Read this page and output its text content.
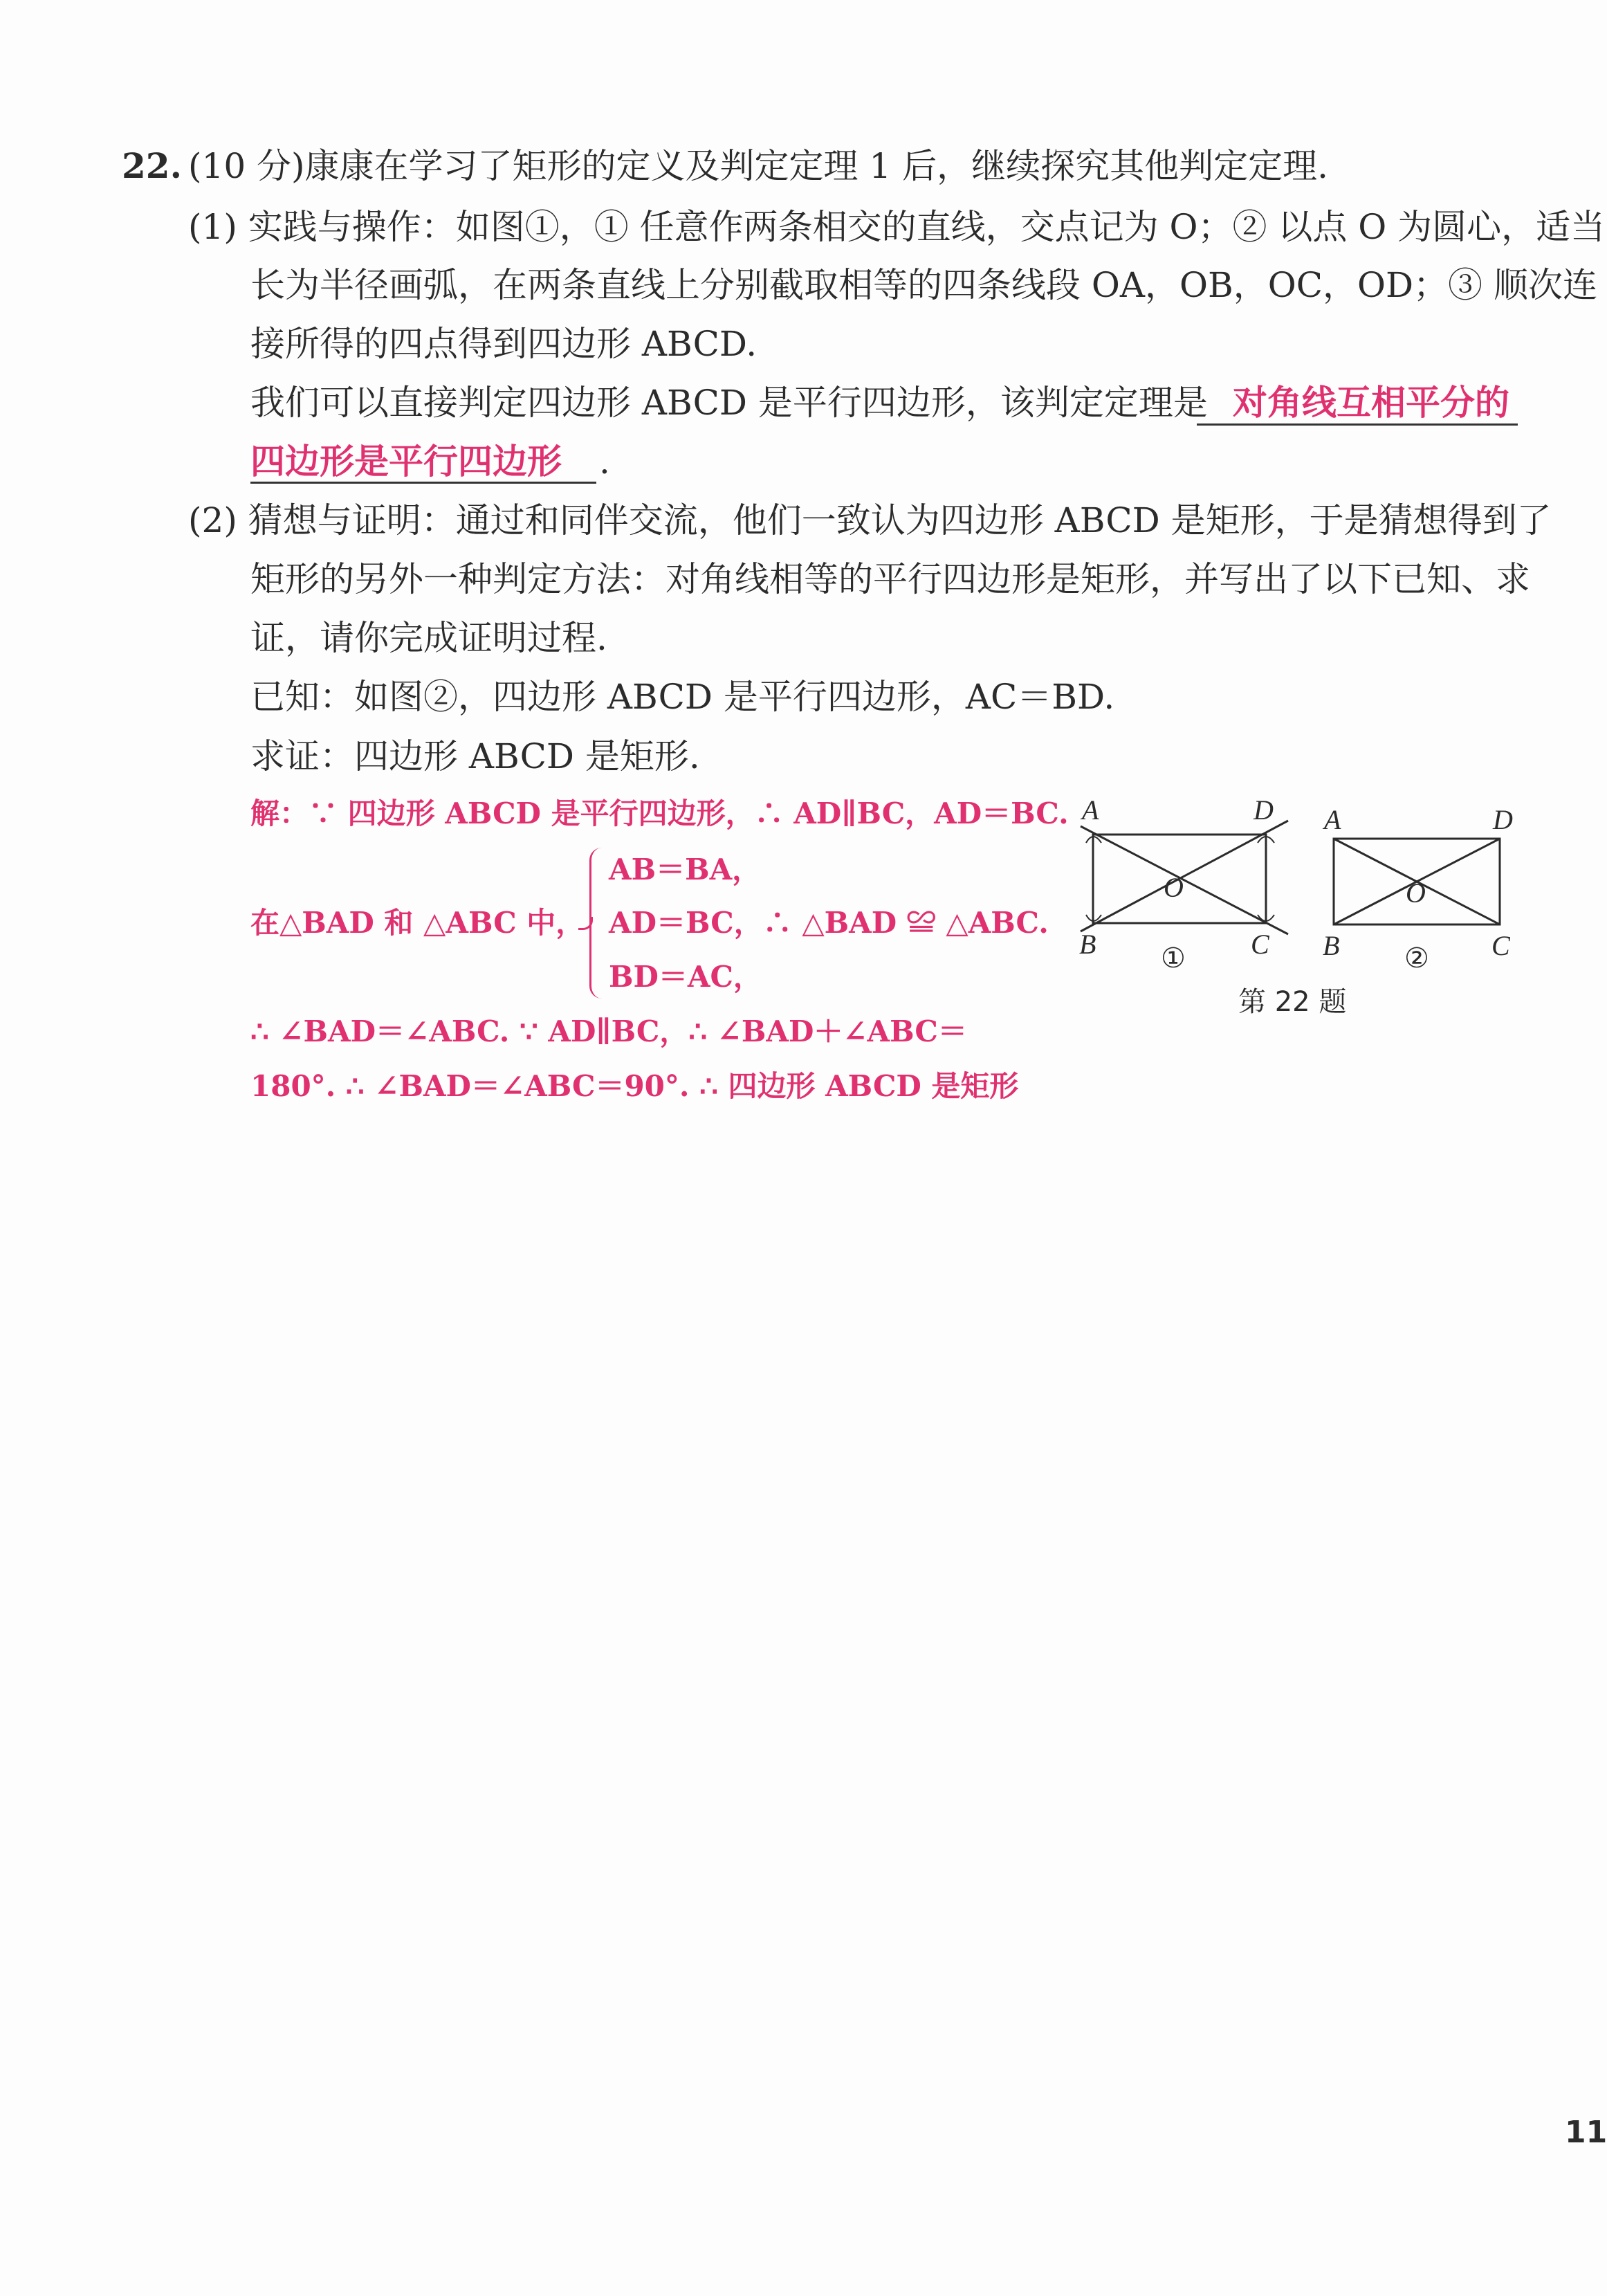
22. (10 分)康康在学习了矩形的定义及判定定理 1 后，继续探究其他判定定理.
(1) 实践与操作：如图①，① 任意作两条相交的直线，交点记为 O；② 以点 O 为圆心，适当
长为半径画弧，在两条直线上分别截取相等的四条线段 OA，OB，OC，OD；③ 顺次连
接所得的四点得到四边形 ABCD.
我们可以直接判定四边形 ABCD 是平行四边形，该判定定理是 对角线互相平分的
四边形是平行四边形 .
(2) 猜想与证明：通过和同伴交流，他们一致认为四边形 ABCD 是矩形，于是猜想得到了
矩形的另外一种判定方法：对角线相等的平行四边形是矩形，并写出了以下已知、求
证，请你完成证明过程.
已知：如图②，四边形 ABCD 是平行四边形，AC＝BD.
求证：四边形 ABCD 是矩形.
解：∵ 四边形 ABCD 是平行四边形，∴ AD∥BC，AD＝BC.
在△BAD 和 △ABC 中，
AB＝BA，
AD＝BC，∴ △BAD ≌ △ABC.
BD＝AC，
∴ ∠BAD＝∠ABC. ∵ AD∥BC，∴ ∠BAD＋∠ABC＝
180°. ∴ ∠BAD＝∠ABC＝90°. ∴ 四边形 ABCD 是矩形
A	D
B	C
O
①
A	D
B	C
O
②
第 22 题
11
